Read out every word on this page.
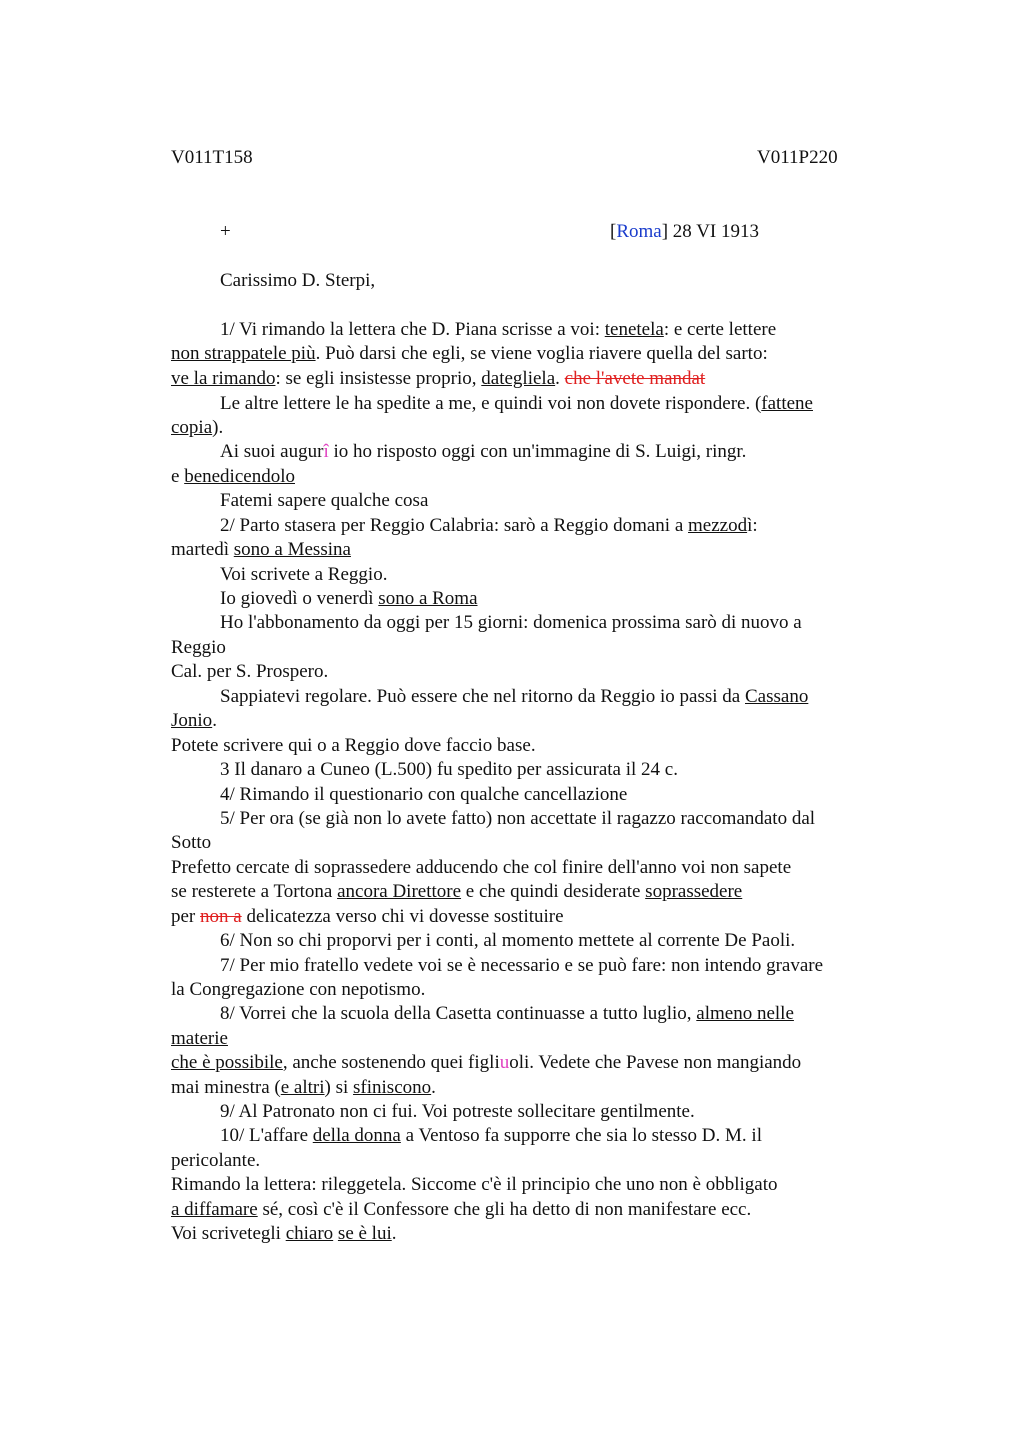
V011T158	V011P220
+	[Roma] 28 VI 1913
Carissimo D. Sterpi,
1/ Vi rimando la lettera che D. Piana scrisse a voi: tenetela: e certe lettere
non strappatele più. Può darsi che egli, se viene voglia riavere quella del sarto:
ve la rimando: se egli insistesse proprio, dategliela. che l'avete mandat
Le altre lettere le ha spedite a me, e quindi voi non dovete rispondere. (fattene
copia).
Ai suoi augurî io ho risposto oggi con un'immagine di S. Luigi, ringr.
e benedicendolo
Fatemi sapere qualche cosa
2/ Parto stasera per Reggio Calabria: sarò a Reggio domani a mezzodì:
martedì sono a Messina
Voi scrivete a Reggio.
Io giovedì o venerdì sono a Roma
Ho l'abbonamento da oggi per 15 giorni: domenica prossima sarò di nuovo a
Reggio
Cal. per S. Prospero.
Sappiatevi regolare. Può essere che nel ritorno da Reggio io passi da Cassano
Jonio.
Potete scrivere qui o a Reggio dove faccio base.
3 Il danaro a Cuneo (L.500) fu spedito per assicurata il 24 c.
4/ Rimando il questionario con qualche cancellazione
5/ Per ora (se già non lo avete fatto) non accettate il ragazzo raccomandato dal
Sotto
Prefetto cercate di soprassedere adducendo che col finire dell'anno voi non sapete
se resterete a Tortona ancora Direttore e che quindi desiderate soprassedere
per non a delicatezza verso chi vi dovesse sostituire
6/ Non so chi proporvi per i conti, al momento mettete al corrente De Paoli.
7/ Per mio fratello vedete voi se è necessario e se può fare: non intendo gravare
la Congregazione con nepotismo.
8/ Vorrei che la scuola della Casetta continuasse a tutto luglio, almeno nelle
materie
che è possibile, anche sostenendo quei figliuoli. Vedete che Pavese non mangiando
mai minestra (e altri) si sfiniscono.
9/ Al Patronato non ci fui. Voi potreste sollecitare gentilmente.
10/ L'affare della donna a Ventoso fa supporre che sia lo stesso D. M. il
pericolante.
Rimando la lettera: rileggetela. Siccome c'è il principio che uno non è obbligato
a diffamare sé, così c'è il Confessore che gli ha detto di non manifestare ecc.
Voi scrivetegli chiaro se è lui.
